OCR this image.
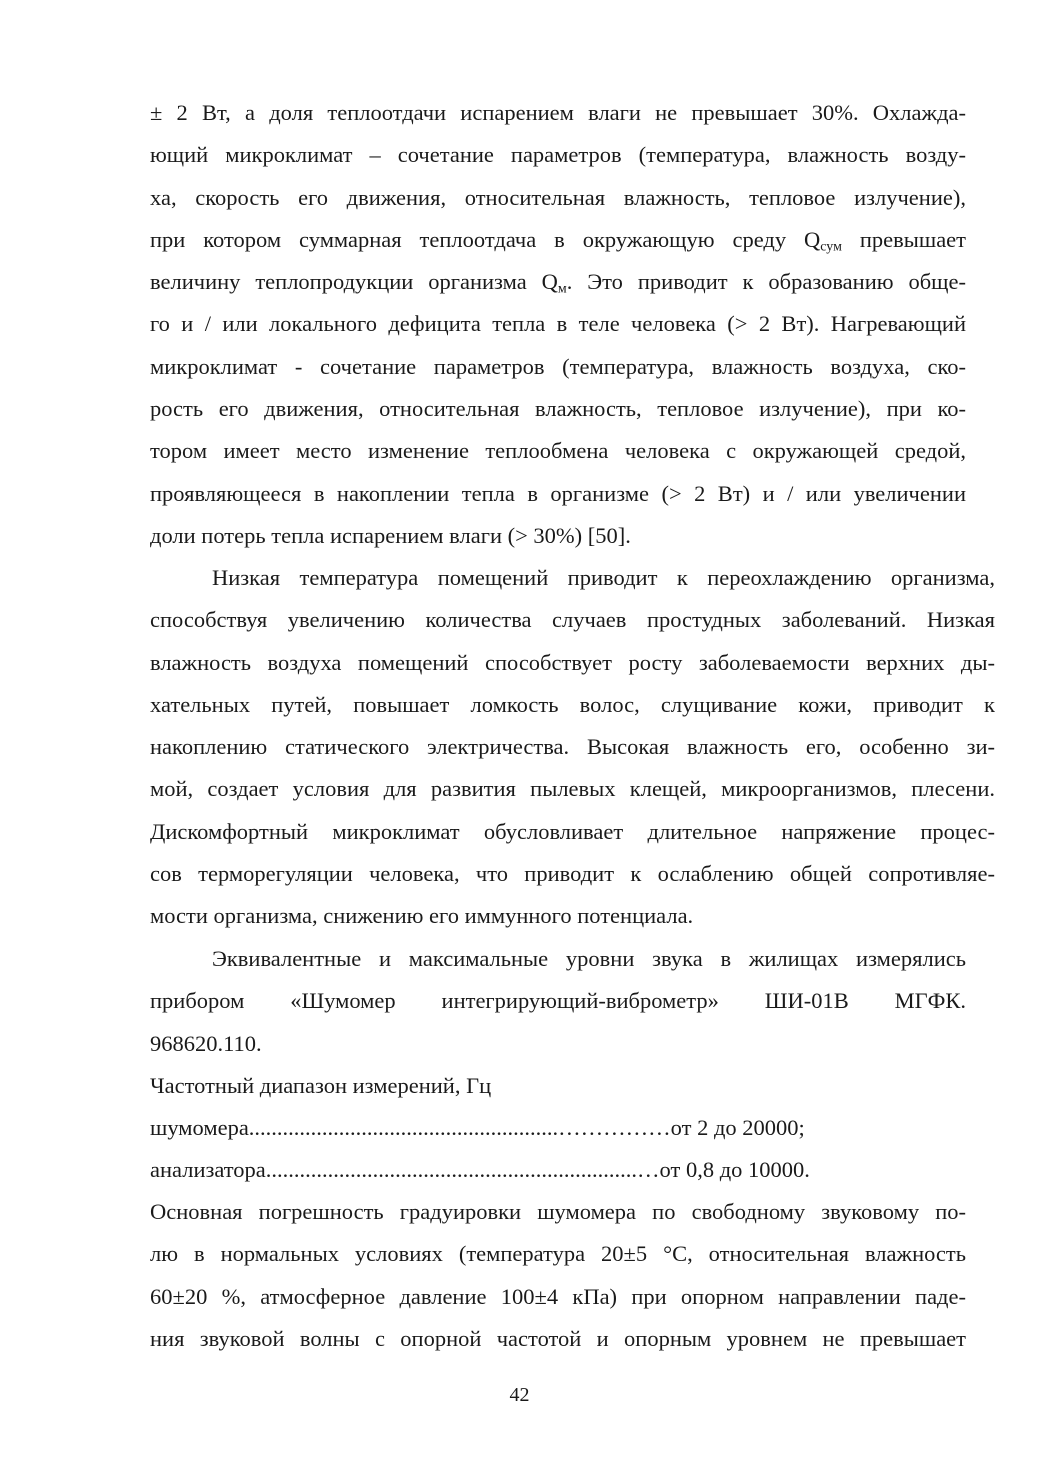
± 2 Вт, а доля теплоотдачи испарением влаги не превышает 30%. Охлажда-
ющий микроклимат – сочетание параметров (температура, влажность возду-
ха, скорость его движения, относительная влажность, тепловое излучение),
при котором суммарная теплоотдача в окружающую среду $Q_{сум}$ превышает
величину теплопродукции организма $Q_м$. Это приводит к образованию обще-
го и / или локального дефицита тепла в теле человека (> 2 Вт). Нагревающий
микроклимат - сочетание параметров (температура, влажность воздуха, ско-
рость его движения, относительная влажность, тепловое излучение), при ко-
тором имеет место изменение теплообмена человека с окружающей средой,
проявляющееся в накоплении тепла в организме (> 2 Вт) и / или увеличении
доли потерь тепла испарением влаги (> 30%) [50].
Низкая температура помещений приводит к переохлаждению организма,
способствуя увеличению количества случаев простудных заболеваний. Низкая
влажность воздуха помещений способствует росту заболеваемости верхних ды-
хательных путей, повышает ломкость волос, слущивание кожи, приводит к
накоплению статического электричества. Высокая влажность его, особенно зи-
мой, создает условия для развития пылевых клещей, микроорганизмов, плесени.
Дискомфортный микроклимат обусловливает длительное напряжение процес-
сов терморегуляции человека, что приводит к ослаблению общей сопротивляе-
мости организма, снижению его иммунного потенциала.
Эквивалентные и максимальные уровни звука в жилищах измерялись
прибором «Шумомер интегрирующий-виброметр» ШИ-01В МГФК.
968620.110.
Частотный диапазон измерений, Гц
шумомера.......................................................……………от 2 до 20000;
анализатора..................................................................…от 0,8 до 10000.
Основная погрешность градуировки шумомера по свободному звуковому по-
лю в нормальных условиях (температура 20±5 °С, относительная влажность
60±20 %, атмосферное давление 100±4 кПа) при опорном направлении паде-
ния звуковой волны с опорной частотой и опорным уровнем не превышает
42
